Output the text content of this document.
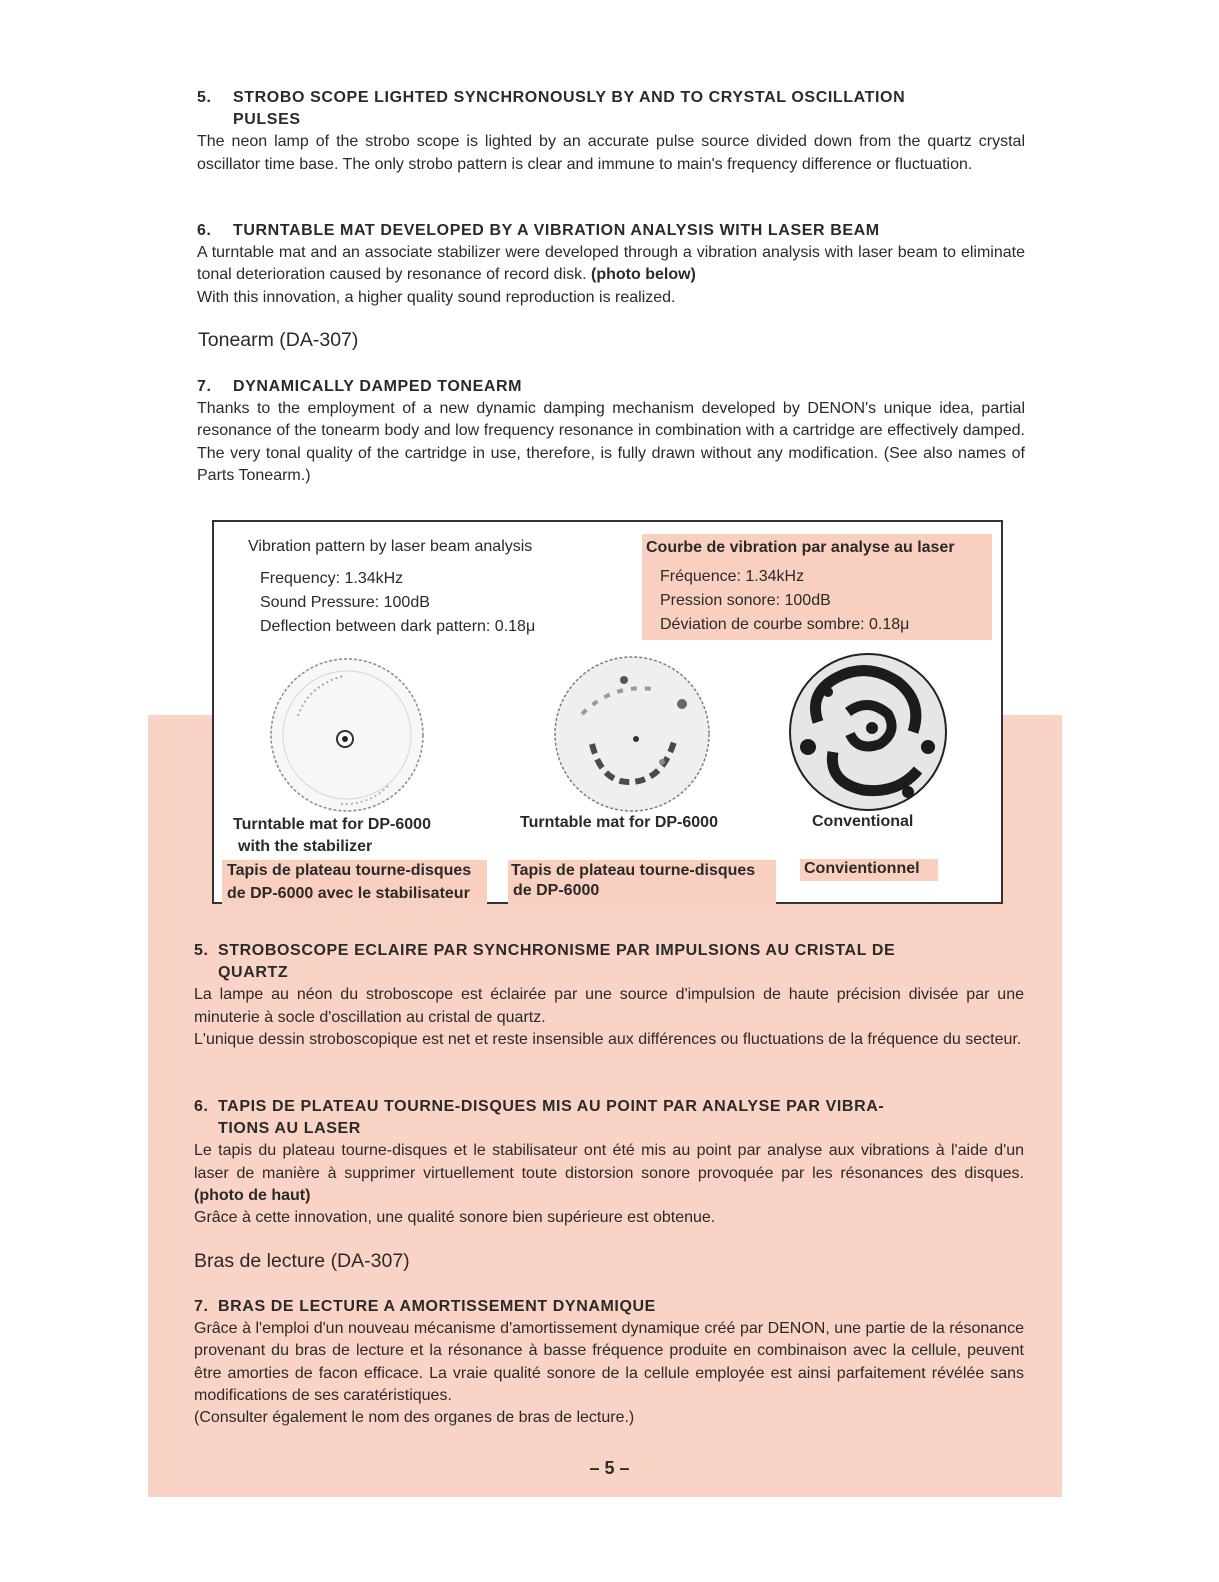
5. STROBO SCOPE LIGHTED SYNCHRONOUSLY BY AND TO CRYSTAL OSCILLATION
PULSES

The neon lamp of the strobo scope is lighted by an accurate pulse source divided down from the quartz crystal oscillator time base. The only strobo pattern is clear and immune to main's frequency difference or fluctuation.

6. TURNTABLE MAT DEVELOPED BY A VIBRATION ANALYSIS WITH LASER BEAM

A turntable mat and an associate stabilizer were developed through a vibration analysis with laser beam to eliminate tonal deterioration caused by resonance of record disk. (photo below)

With this innovation, a higher quality sound reproduction is realized.

Tonearm (DA-307)
7. DYNAMICALLY DAMPED TONEARM

Thanks to the employment of a new dynamic damping mechanism developed by DENON's unique idea, partial resonance of the tonearm body and low frequency resonance in combination with a cartridge are effectively damped. The very tonal quality of the cartridge in use, therefore, is fully drawn without any modification. (See also names of Parts Tonearm.)

Vibration pattern by laser beam analysis
Frequency: 1.34kHz
Sound Pressure: 100dB
Deflection between dark pattern: 0.18μ
Courbe de vibration par analyse au laser
Fréquence: 1.34kHz
Pression sonore: 100dB
Déviation de courbe sombre: 0.18μ
Turntable mat for DP-6000
with the stabilizer
Tapis de plateau tourne-disques
de DP-6000 avec le stabilisateur
Turntable mat for DP-6000
Tapis de plateau tourne-disques
de DP-6000
Conventional
Convientionnel
5. STROBOSCOPE ECLAIRE PAR SYNCHRONISME PAR IMPULSIONS AU CRISTAL DE
QUARTZ

La lampe au néon du stroboscope est éclairée par une source d'impulsion de haute précision divisée par une minuterie à socle d'oscillation au cristal de quartz.

L'unique dessin stroboscopique est net et reste insensible aux différences ou fluctuations de la fréquence du secteur.

6. TAPIS DE PLATEAU TOURNE-DISQUES MIS AU POINT PAR ANALYSE PAR VIBRA-
TIONS AU LASER

Le tapis du plateau tourne-disques et le stabilisateur ont été mis au point par analyse aux vibrations à l'aide d'un laser de manière à supprimer virtuellement toute distorsion sonore provoquée par les résonances des disques. (photo de haut)

Grâce à cette innovation, une qualité sonore bien supérieure est obtenue.

Bras de lecture (DA-307)
7. BRAS DE LECTURE A AMORTISSEMENT DYNAMIQUE

Grâce à l'emploi d'un nouveau mécanisme d'amortissement dynamique créé par DENON, une partie de la résonance provenant du bras de lecture et la résonance à basse fréquence produite en combinaison avec la cellule, peuvent être amorties de facon efficace. La vraie qualité sonore de la cellule employée est ainsi parfaitement révélée sans modifications de ses caratéristiques.

(Consulter également le nom des organes de bras de lecture.)

– 5 –
